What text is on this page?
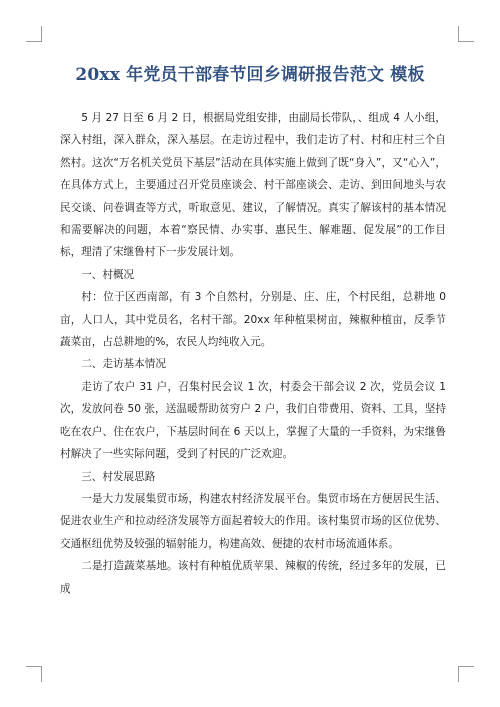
20xx 年党员干部春节回乡调研报告范文 模板

5 月 27 日至 6 月 2 日，根据局党组安排，由副局长带队，、组成 4 人小组，深入村组，深入群众，深入基层。在走访过程中，我们走访了村、村和庄村三个自然村。这次“万名机关党员下基层”活动在具体实施上做到了既“身入”，又“心入”，在具体方式上，主要通过召开党员座谈会、村干部座谈会、走访、到田间地头与农民交谈、问卷调查等方式，听取意见、建议，了解情况。真实了解该村的基本情况和需要解决的问题，本着“察民情、办实事、惠民生、解难题、促发展”的工作目标，理清了宋继鲁村下一步发展计划。

一、村概况

村：位于区西南部，有 3 个自然村，分别是、庄、庄，个村民组，总耕地 0 亩，人口人，其中党员名，名村干部。20xx 年种植果树亩，辣椒种植亩，反季节蔬菜亩，占总耕地的%，农民人均纯收入元。

二、走访基本情况

走访了农户 31 户，召集村民会议 1 次，村委会干部会议 2 次，党员会议 1 次，发放问卷 50 张，送温暖帮助贫穷户 2 户，我们自带费用、资料、工具，坚持吃在农户、住在农户，下基层时间在 6 天以上，掌握了大量的一手资料，为宋继鲁村解决了一些实际问题，受到了村民的广泛欢迎。

三、村发展思路

一是大力发展集贸市场，构建农村经济发展平台。集贸市场在方便居民生活、促进农业生产和拉动经济发展等方面起着较大的作用。该村集贸市场的区位优势、交通枢纽优势及较强的辐射能力，构建高效、便捷的农村市场流通体系。

二是打造蔬菜基地。该村有种植优质苹果、辣椒的传统，经过多年的发展，已成
